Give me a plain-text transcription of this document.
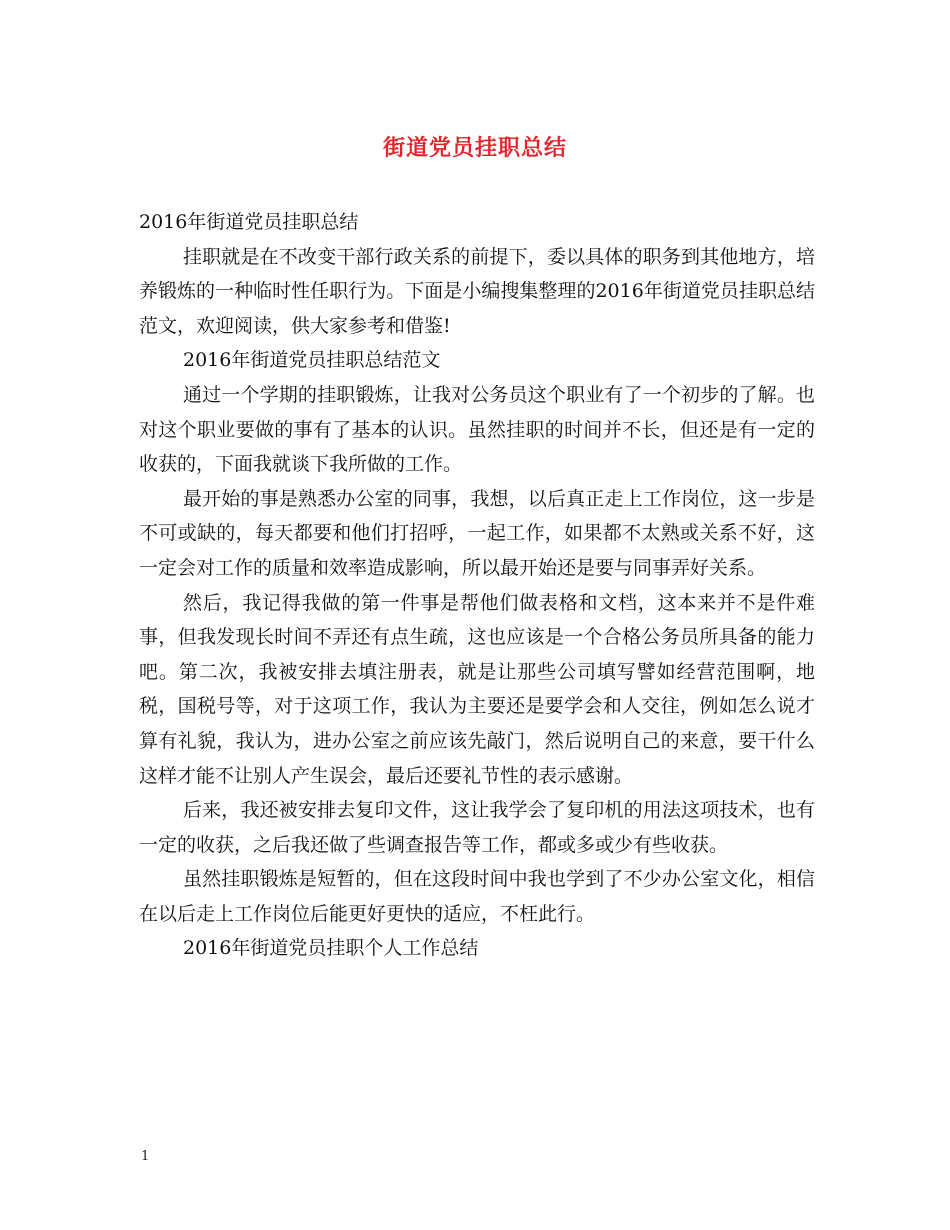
街道党员挂职总结

2016年街道党员挂职总结

挂职就是在不改变干部行政关系的前提下，委以具体的职务到其他地方，培养锻炼的一种临时性任职行为。下面是小编搜集整理的2016年街道党员挂职总结范文，欢迎阅读，供大家参考和借鉴!

2016年街道党员挂职总结范文

通过一个学期的挂职锻炼，让我对公务员这个职业有了一个初步的了解。也对这个职业要做的事有了基本的认识。虽然挂职的时间并不长，但还是有一定的收获的，下面我就谈下我所做的工作。

最开始的事是熟悉办公室的同事，我想，以后真正走上工作岗位，这一步是不可或缺的，每天都要和他们打招呼，一起工作，如果都不太熟或关系不好，这一定会对工作的质量和效率造成影响，所以最开始还是要与同事弄好关系。

然后，我记得我做的第一件事是帮他们做表格和文档，这本来并不是件难事，但我发现长时间不弄还有点生疏，这也应该是一个合格公务员所具备的能力吧。第二次，我被安排去填注册表，就是让那些公司填写譬如经营范围啊，地税，国税号等，对于这项工作，我认为主要还是要学会和人交往，例如怎么说才算有礼貌，我认为，进办公室之前应该先敲门，然后说明自己的来意，要干什么这样才能不让别人产生误会，最后还要礼节性的表示感谢。

后来，我还被安排去复印文件，这让我学会了复印机的用法这项技术，也有一定的收获，之后我还做了些调查报告等工作，都或多或少有些收获。

虽然挂职锻炼是短暂的，但在这段时间中我也学到了不少办公室文化，相信在以后走上工作岗位后能更好更快的适应，不枉此行。

2016年街道党员挂职个人工作总结

1
